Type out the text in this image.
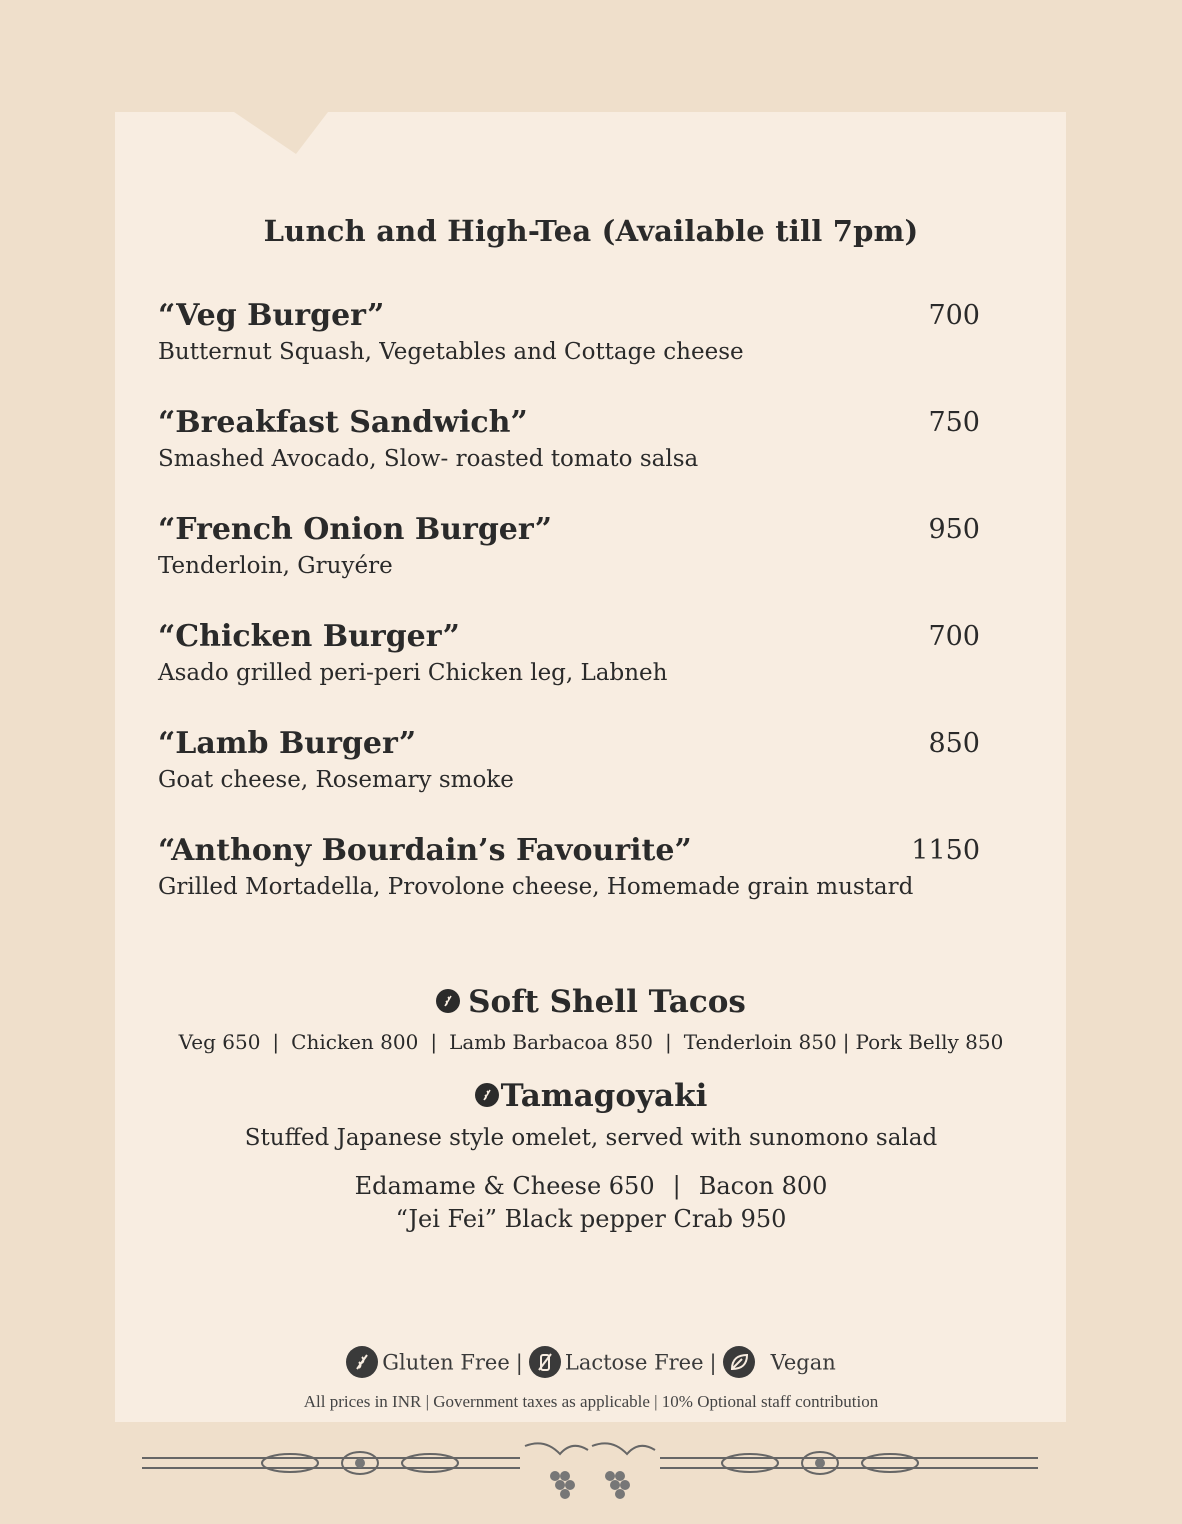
Lunch and High-Tea (Available till 7pm)
“Veg Burger”
Butternut Squash, Vegetables and Cottage cheese
700
“Breakfast Sandwich”
Smashed Avocado, Slow- roasted tomato salsa
750
“French Onion Burger”
Tenderloin, Gruyére
950
“Chicken Burger”
Asado grilled peri-peri Chicken leg, Labneh
700
“Lamb Burger”
Goat cheese, Rosemary smoke
850
“Anthony Bourdain’s Favourite”
Grilled Mortadella, Provolone cheese, Homemade grain mustard
1150
Soft Shell Tacos
Veg 650 | Chicken 800 | Lamb Barbacoa 850 | Tenderloin 850 | Pork Belly 850
Tamagoyaki
Stuffed Japanese style omelet, served with sunomono salad
Edamame & Cheese 650 | Bacon 800
“Jei Fei” Black pepper Crab 950
Gluten Free | Lactose Free |	Vegan
All prices in INR | Government taxes as applicable | 10% Optional staff contribution
